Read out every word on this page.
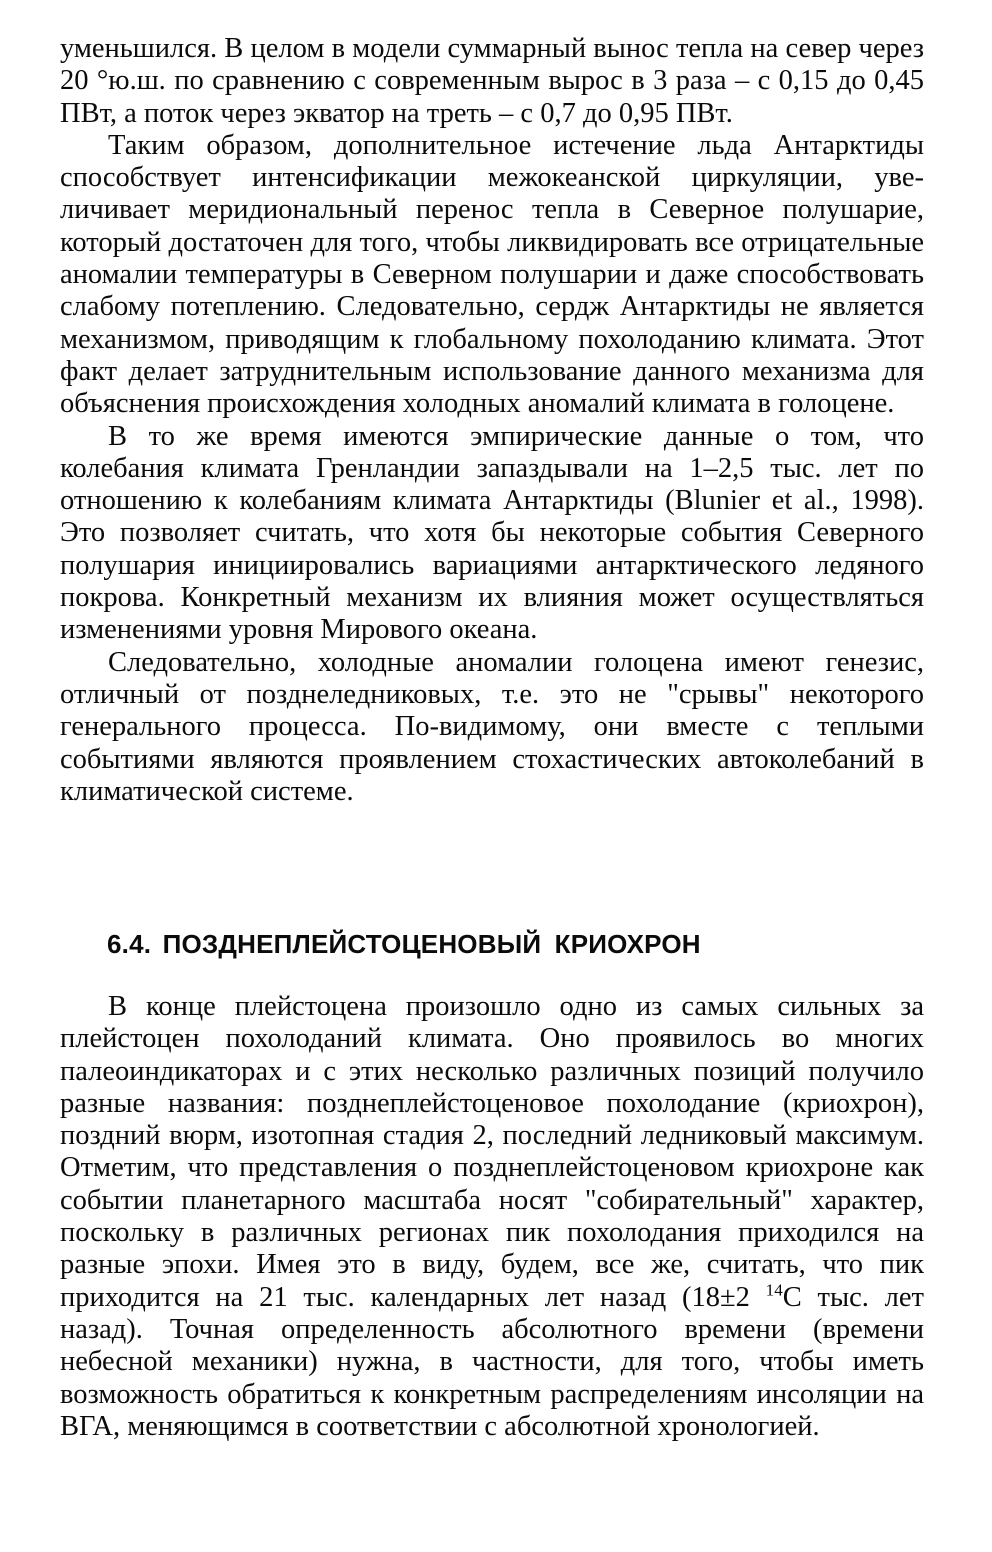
уменьшился. В целом в модели суммарный вынос тепла на север через 20 °ю.ш. по сравнению с современным вырос в 3 раза – с 0,15 до 0,45 ПВт, а поток через экватор на треть – с 0,7 до 0,95 ПВт.

Таким образом, дополнительное истечение льда Антарктиды способствует интенсификации межокеанской циркуляции, увеличивает меридиональный перенос тепла в Северное полушарие, который достаточен для того, чтобы ликвидировать все отрицательные аномалии температуры в Северном полушарии и даже способствовать слабому потеплению. Следовательно, сердж Антарктиды не является механизмом, приводящим к глобальному похолоданию климата. Этот факт делает затруднительным использование данного механизма для объяснения происхождения холодных аномалий климата в голоцене.

В то же время имеются эмпирические данные о том, что колебания климата Гренландии запаздывали на 1–2,5 тыс. лет по отношению к колебаниям климата Антарктиды (Blunier et al., 1998). Это позволяет считать, что хотя бы некоторые события Северного полушария инициировались вариациями антарктического ледяного покрова. Конкретный механизм их влияния может осуществляться изменениями уровня Мирового океана.

Следовательно, холодные аномалии голоцена имеют генезис, отличный от позднеледниковых, т.е. это не "срывы" некоторого генерального процесса. По-видимому, они вместе с теплыми событиями являются проявлением стохастических автоколебаний в климатической системе.

6.4. ПОЗДНЕПЛЕЙСТОЦЕНОВЫЙ КРИОХРОН

В конце плейстоцена произошло одно из самых сильных за плейстоцен похолоданий климата. Оно проявилось во многих палеоиндикаторах и с этих несколько различных позиций получило разные названия: позднеплейстоценовое похолодание (криохрон), поздний вюрм, изотопная стадия 2, последний ледниковый максимум. Отметим, что представления о позднеплейстоценовом криохроне как событии планетарного масштаба носят "собирательный" характер, поскольку в различных регионах пик похолодания приходился на разные эпохи. Имея это в виду, будем, все же, считать, что пик приходится на 21 тыс. календарных лет назад (18±2 $^{14}$С тыс. лет назад). Точная определенность абсолютного времени (времени небесной механики) нужна, в частности, для того, чтобы иметь возможность обратиться к конкретным распределениям инсоляции на ВГА, меняющимся в соответствии с абсолютной хронологией.
